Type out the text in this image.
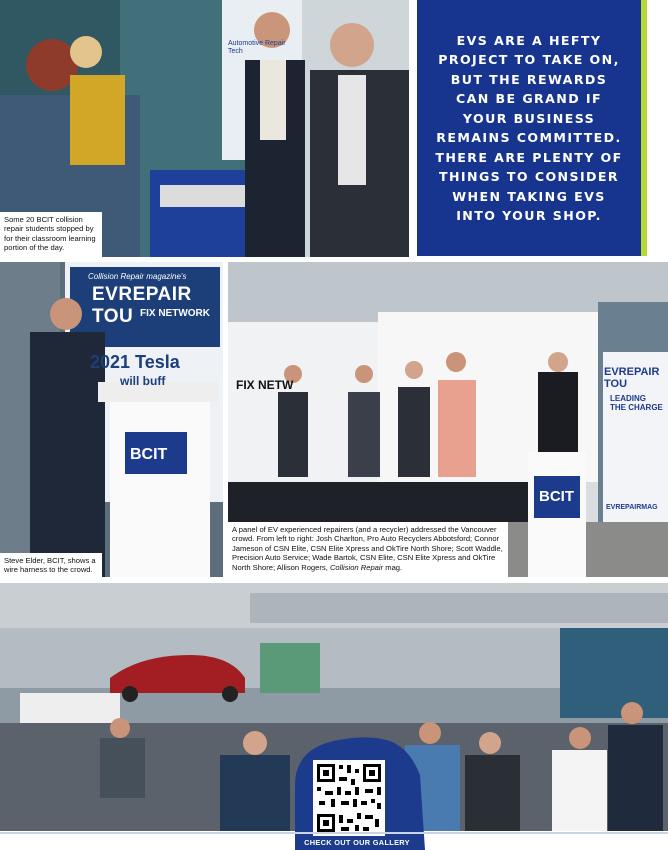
Automotive Repair Tech
Some 20 BCIT collision repair students stopped by for their classroom learning portion of the day.

EVS ARE A HEFTY PROJECT TO TAKE ON, BUT THE REWARDS CAN BE GRAND IF YOUR BUSINESS REMAINS COMMITTED. THERE ARE PLENTY OF THINGS TO CONSIDER WHEN TAKING EVS INTO YOUR SHOP.

Collision Repair magazine's
EVREPAIR TOU FIX NETWORK
2021 Tesla
will buff
BCIT
Steve Elder, BCIT, shows a wire harness to the crowd.
FIX NETW
BCIT
EVREPAIR TOU
LEADING THE CHARGE
EVREPAIRMAG
A panel of EV experienced repairers (and a recycler) addressed the Vancouver crowd. From left to right: Josh Charlton, Pro Auto Recyclers Abbotsford; Connor Jameson of CSN Elite, CSN Elite Xpress and OkTire North Shore; Scott Waddle, Precision Auto Service; Wade Bartok, CSN Elite, CSN Elite Xpress and OkTire North Shore; Allison Rogers, Collision Repair mag.
CHECK OUT OUR GALLERY
